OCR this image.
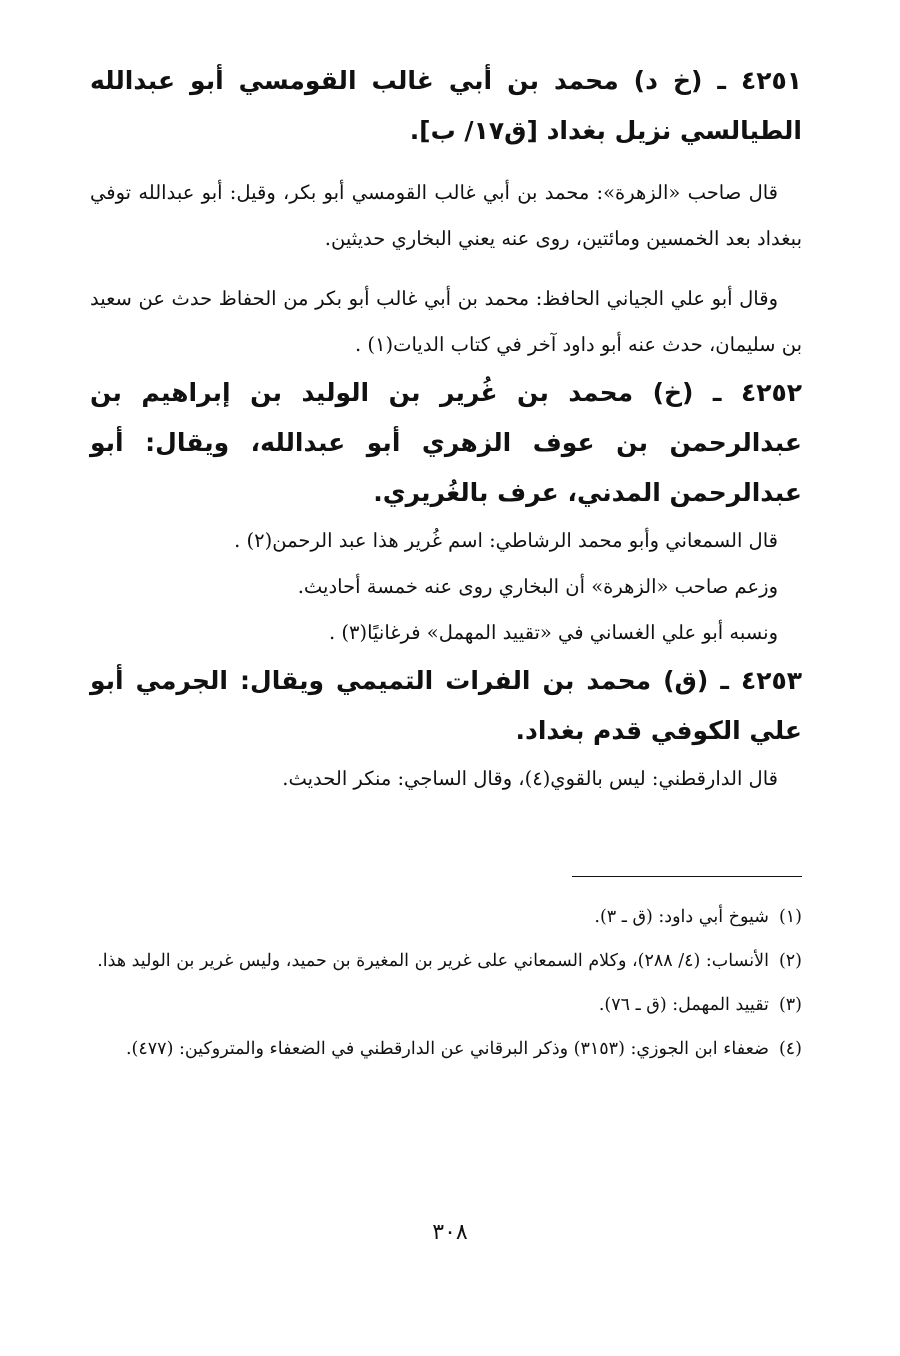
٤٢٥١ ـ (خ د) محمد بن أبي غالب القومسي أبو عبدالله الطيالسي نزيل بغداد [ق١٧/ ب].

قال صاحب «الزهرة»: محمد بن أبي غالب القومسي أبو بكر، وقيل: أبو عبدالله توفي ببغداد بعد الخمسين ومائتين، روى عنه يعني البخاري حديثين.

وقال أبو علي الجياني الحافظ: محمد بن أبي غالب أبو بكر من الحفاظ حدث عن سعيد بن سليمان، حدث عنه أبو داود آخر في كتاب الديات(١) .

٤٢٥٢ ـ (خ) محمد بن غُرير بن الوليد بن إبراهيم بن عبدالرحمن بن عوف الزهري أبو عبدالله، ويقال: أبو عبدالرحمن المدني، عرف بالغُريري.

قال السمعاني وأبو محمد الرشاطي: اسم غُرير هذا عبد الرحمن(٢) .

وزعم صاحب «الزهرة» أن البخاري روى عنه خمسة أحاديث.

ونسبه أبو علي الغساني في «تقييد المهمل» فرغانيًا(٣) .

٤٢٥٣ ـ (ق) محمد بن الفرات التميمي ويقال: الجرمي أبو علي الكوفي قدم بغداد.

قال الدارقطني: ليس بالقوي(٤)، وقال الساجي: منكر الحديث.

(١)شيوخ أبي داود: (ق ـ ٣).

(٢)الأنساب: (٤/ ٢٨٨)، وكلام السمعاني على غرير بن المغيرة بن حميد، وليس غرير بن الوليد هذا.

(٣)تقييد المهمل: (ق ـ ٧٦).

(٤)ضعفاء ابن الجوزي: (٣١٥٣) وذكر البرقاني عن الدارقطني في الضعفاء والمتروكين: (٤٧٧).

٣٠٨
